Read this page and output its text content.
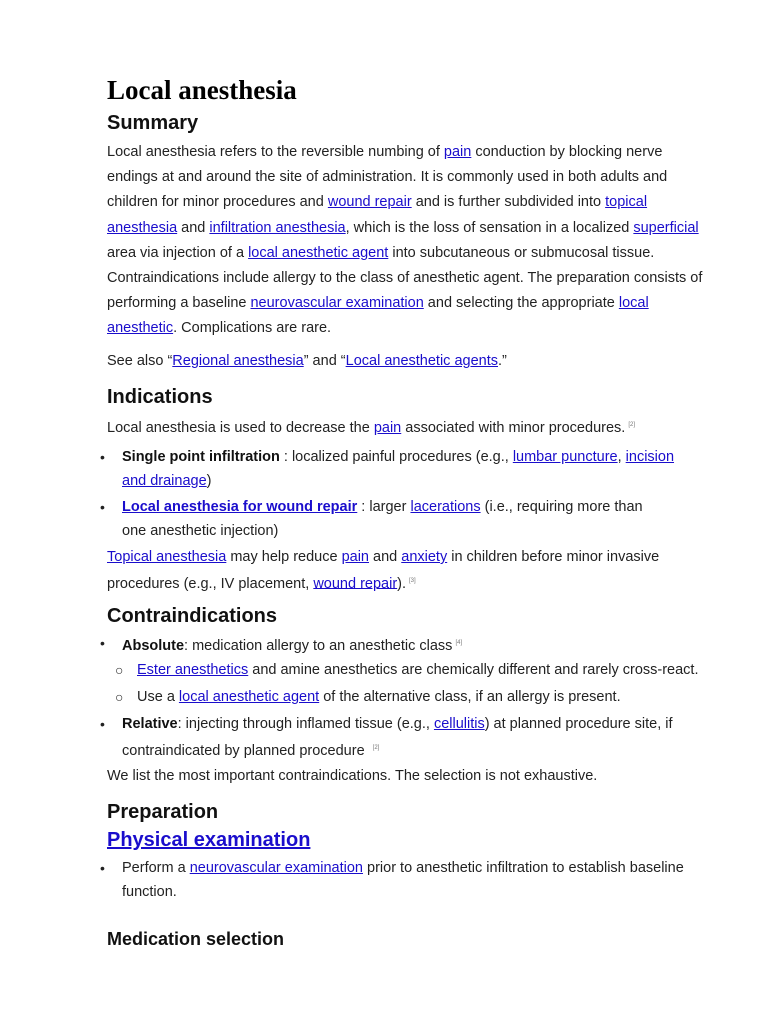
Local anesthesia
Summary

Local anesthesia refers to the reversible numbing of pain conduction by blocking nerve endings at and around the site of administration. It is commonly used in both adults and children for minor procedures and wound repair and is further subdivided into topical anesthesia and infiltration anesthesia, which is the loss of sensation in a localized superficial area via injection of a local anesthetic agent into subcutaneous or submucosal tissue. Contraindications include allergy to the class of anesthetic agent. The preparation consists of performing a baseline neurovascular examination and selecting the appropriate local anesthetic. Complications are rare.

See also “Regional anesthesia” and “Local anesthetic agents.”

Indications

Local anesthesia is used to decrease the pain associated with minor procedures. [2]

• Single point infiltration : localized painful procedures (e.g., lumbar puncture, incision and drainage)
• Local anesthesia for wound repair : larger lacerations (i.e., requiring more than one anesthetic injection)

Topical anesthesia may help reduce pain and anxiety in children before minor invasive procedures (e.g., IV placement, wound repair). [3]

Contraindications
• Absolute: medication allergy to an anesthetic class [4]
○ Ester anesthetics and amine anesthetics are chemically different and rarely cross-react.
○ Use a local anesthetic agent of the alternative class, if an allergy is present.
• Relative: injecting through inflamed tissue (e.g., cellulitis) at planned procedure site, if contraindicated by planned procedure [2]

We list the most important contraindications. The selection is not exhaustive.

Preparation
Physical examination
• Perform a neurovascular examination prior to anesthetic infiltration to establish baseline function.
Medication selection
